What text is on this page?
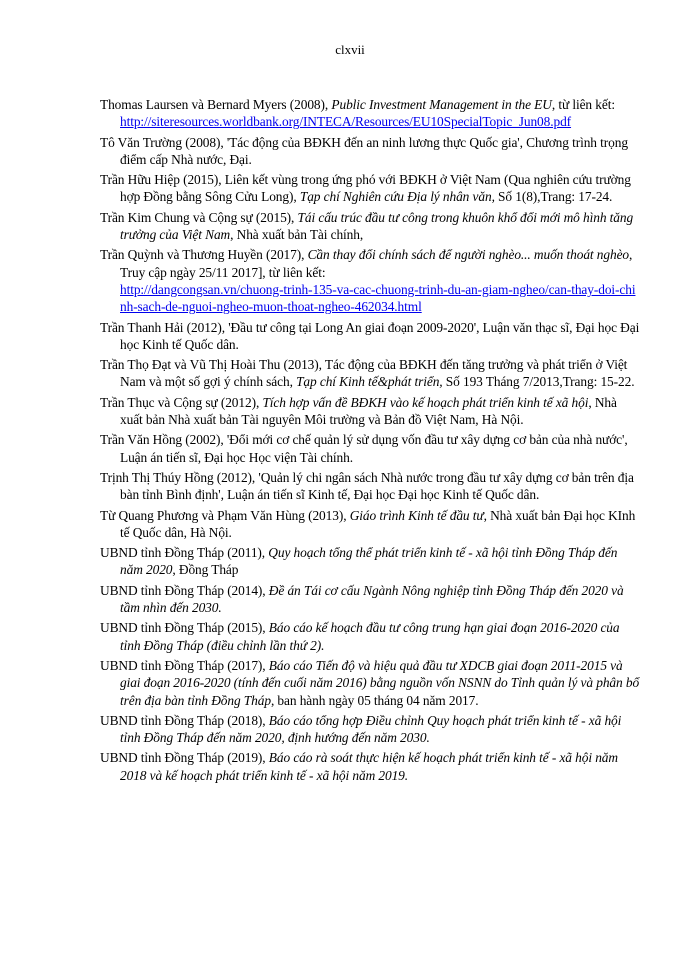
clxvii

Thomas Laursen và Bernard Myers (2008), Public Investment Management in the EU, từ liên kết:
http://siteresources.worldbank.org/INTECA/Resources/EU10SpecialTopic_Jun08.pdf

Tô Văn Trường (2008), 'Tác động của BĐKH đến an ninh lương thực Quốc gia', Chương trình trọng điểm cấp Nhà nước, Đại.

Trần Hữu Hiệp (2015), Liên kết vùng trong ứng phó với BĐKH ở Việt Nam (Qua nghiên cứu trường hợp Đồng bằng Sông Cửu Long), Tạp chí Nghiên cứu Địa lý nhân văn, Số 1(8),Trang: 17-24.

Trần Kim Chung và Cộng sự (2015), Tái cấu trúc đầu tư công trong khuôn khổ đổi mới mô hình tăng trưởng của Việt Nam, Nhà xuất bản Tài chính,

Trần Quỳnh và Thương Huyền (2017), Cần thay đổi chính sách để người nghèo... muốn thoát nghèo, Truy cập ngày 25/11 2017], từ liên kết:
http://dangcongsan.vn/chuong-trinh-135-va-cac-chuong-trinh-du-an-giam-ngheo/can-thay-doi-chinh-sach-de-nguoi-ngheo-muon-thoat-ngheo-462034.html

Trần Thanh Hải (2012), 'Đầu tư công tại Long An giai đoạn 2009-2020', Luận văn thạc sĩ, Đại học Đại học Kinh tế Quốc dân.

Trần Thọ Đạt và Vũ Thị Hoài Thu (2013), Tác động của BĐKH đến tăng trưởng và phát triển ở Việt Nam và một số gợi ý chính sách, Tạp chí Kinh tế&phát triển, Số 193 Tháng 7/2013,Trang: 15-22.

Trần Thục và Cộng sự (2012), Tích hợp vấn đề BĐKH vào kế hoạch phát triển kinh tế xã hội, Nhà xuất bản Nhà xuất bản Tài nguyên Môi trường và Bản đồ Việt Nam, Hà Nội.

Trần Văn Hồng (2002), 'Đổi mới cơ chế quản lý sử dụng vốn đầu tư xây dựng cơ bản của nhà nước', Luận án tiến sĩ, Đại học Học viện Tài chính.

Trịnh Thị Thúy Hồng (2012), 'Quản lý chi ngân sách Nhà nước trong đầu tư xây dựng cơ bản trên địa bàn tỉnh Bình định', Luận án tiến sĩ Kinh tế, Đại học Đại học Kinh tế Quốc dân.

Từ Quang Phương và Phạm Văn Hùng (2013), Giáo trình Kinh tế đầu tư, Nhà xuất bản Đại học KInh tế Quốc dân, Hà Nội.

UBND tỉnh Đồng Tháp (2011), Quy hoạch tổng thể phát triển kinh tế - xã hội tỉnh Đồng Tháp đến năm 2020, Đồng Tháp

UBND tỉnh Đồng Tháp (2014), Đề án Tái cơ cấu Ngành Nông nghiệp tỉnh Đồng Tháp đến 2020 và tầm nhìn đến 2030.

UBND tỉnh Đồng Tháp (2015), Báo cáo kế hoạch đầu tư công trung hạn giai đoạn 2016-2020 của tỉnh Đồng Tháp (điều chỉnh lần thứ 2).

UBND tỉnh Đồng Tháp (2017), Báo cáo Tiến độ và hiệu quả đầu tư XDCB giai đoạn 2011-2015 và giai đoạn 2016-2020 (tính đến cuối năm 2016) bằng nguồn vốn NSNN do Tỉnh quản lý và phân bổ trên địa bàn tỉnh Đồng Tháp, ban hành ngày 05 tháng 04 năm 2017.

UBND tỉnh Đồng Tháp (2018), Báo cáo tổng hợp Điều chỉnh Quy hoạch phát triển kinh tế - xã hội tỉnh Đồng Tháp đến năm 2020, định hướng đến năm 2030.

UBND tỉnh Đồng Tháp (2019), Báo cáo rà soát thực hiện kế hoạch phát triển kinh tế - xã hội năm 2018 và kế hoạch phát triển kinh tế - xã hội năm 2019.
